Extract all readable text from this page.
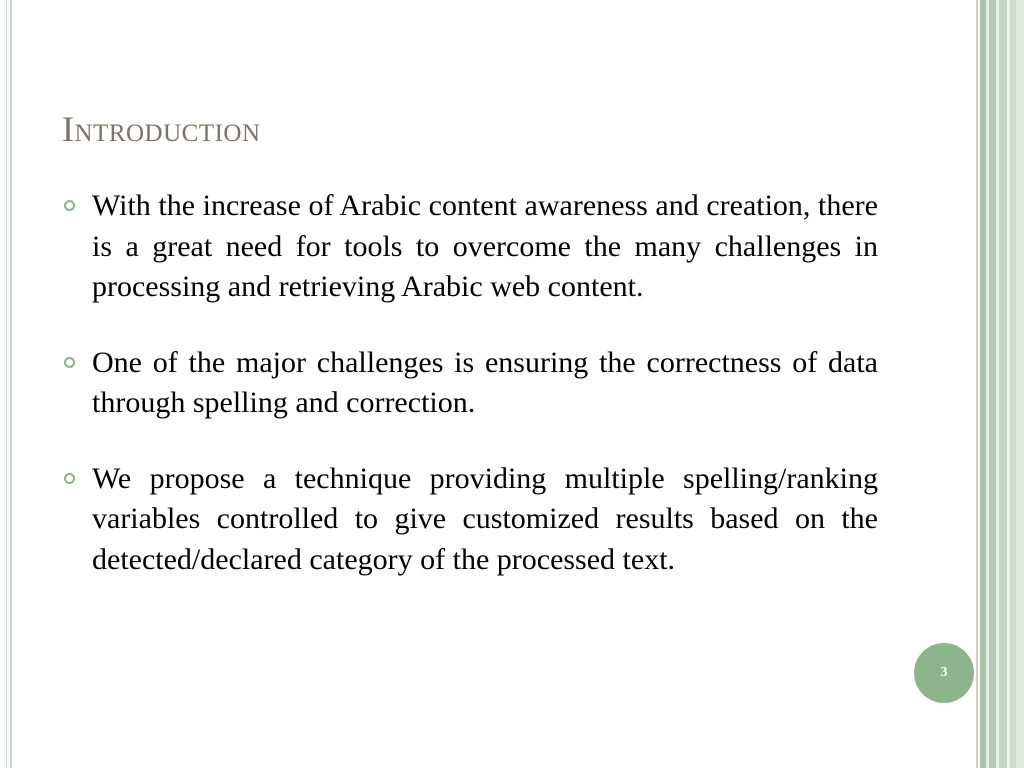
Introduction
With the increase of Arabic content awareness and creation, there is a great need for tools to overcome the many challenges in processing and retrieving Arabic web content.
One of the major challenges is ensuring the correctness of data through spelling and correction.
We propose a technique providing multiple spelling/ranking variables controlled to give customized results based on the detected/declared category of the processed text.
3
